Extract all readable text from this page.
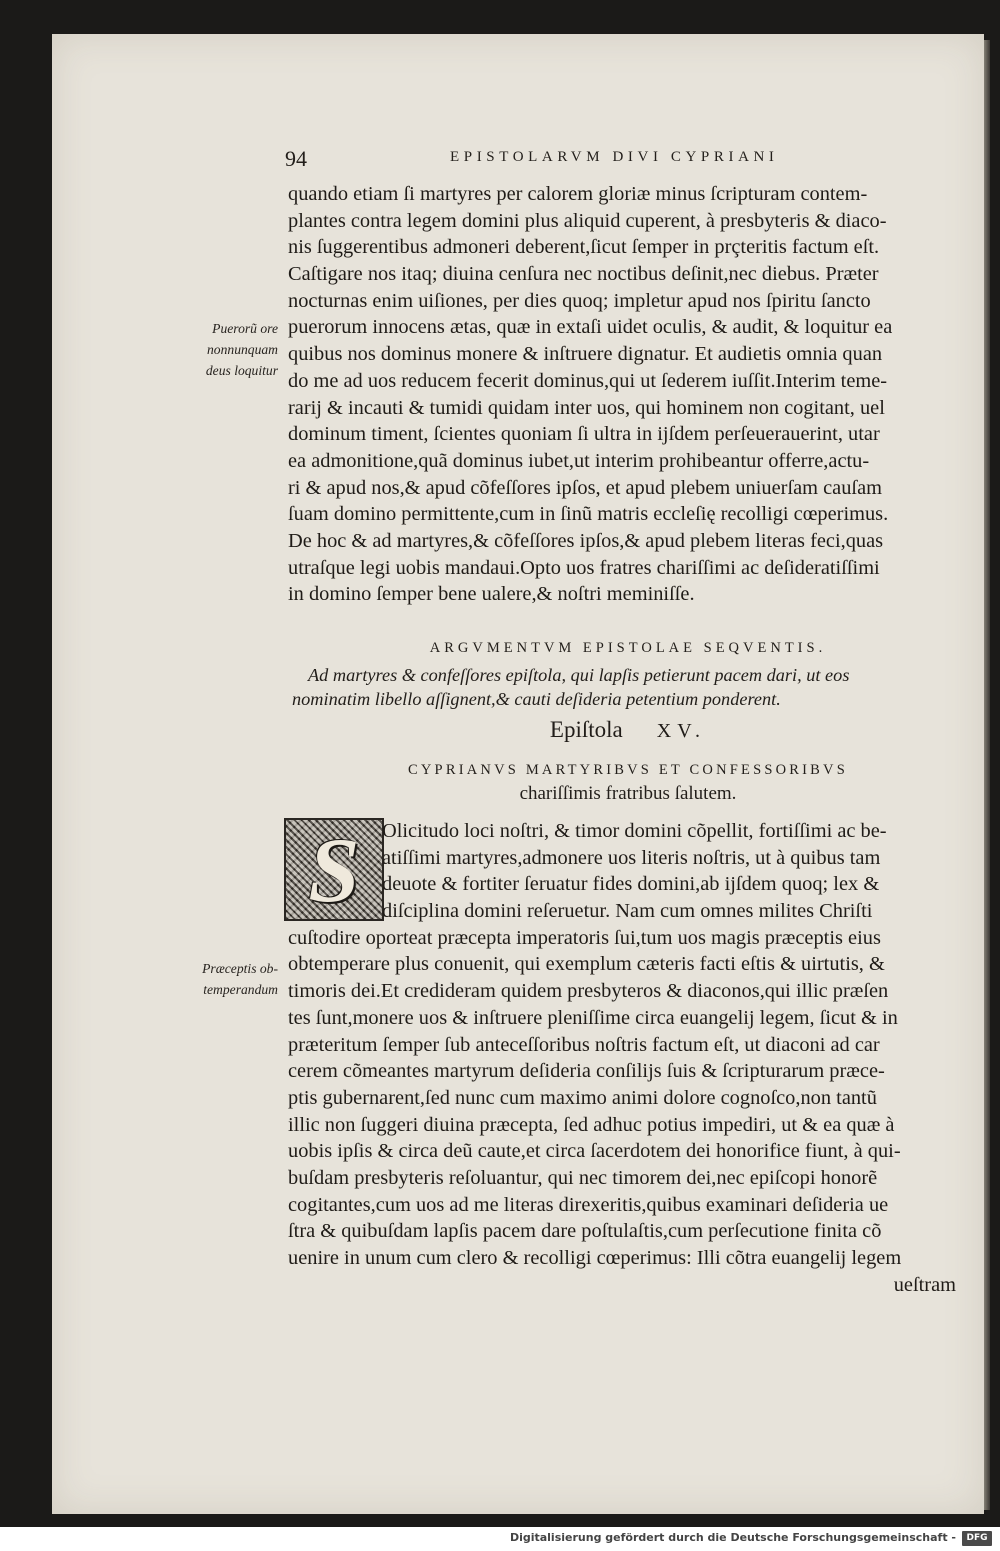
94	EPISTOLARVM DIVI CYPRIANI
quando etiam ſi martyres per calorem gloriæ minus ſcripturam contem-
plantes contra legem domini plus aliquid cuperent, à presbyteris & diaco-
nis ſuggerentibus admoneri deberent,ſicut ſemper in prçteritis factum eſt.
Caſtigare nos itaq; diuina cenſura nec noctibus deſinit,nec diebus. Præter
nocturnas enim uiſiones, per dies quoq; impletur apud nos ſpiritu ſancto
puerorum innocens ætas, quæ in extaſi uidet oculis, & audit, & loquitur ea
quibus nos dominus monere & inſtruere dignatur. Et audietis omnia quan
do me ad uos reducem fecerit dominus,qui ut ſederem iuſſit.Interim teme-
rarij & incauti & tumidi quidam inter uos, qui hominem non cogitant, uel
dominum timent, ſcientes quoniam ſi ultra in ijſdem perſeuerauerint, utar
ea admonitione,quã dominus iubet,ut interim prohibeantur offerre,actu-
ri & apud nos,& apud cõfeſſores ipſos, et apud plebem uniuerſam cauſam
ſuam domino permittente,cum in ſinũ matris eccleſię recolligi cœperimus.
De hoc & ad martyres,& cõfeſſores ipſos,& apud plebem literas feci,quas
utraſque legi uobis mandaui.Opto uos fratres chariſſimi ac deſideratiſſimi
in domino ſemper bene ualere,& noſtri meminiſſe.
Puerorũ ore
nonnunquam
deus loquitur
ARGVMENTVM EPISTOLAE SEQVENTIS.
Ad martyres & confeſſores epiſtola, qui lapſis petierunt pacem dari, ut eos
nominatim libello aſſignent,& cauti deſideria petentium ponderent.
Epiſtola XV.
CYPRIANVS MARTYRIBVS ET CONFESSORIBVS
chariſſimis fratribus ſalutem.
S	Olicitudo loci noſtri, & timor domini cõpellit, fortiſſimi ac be-
atiſſimi martyres,admonere uos literis noſtris, ut à quibus tam
deuote & fortiter ſeruatur fides domini,ab ijſdem quoq; lex &
diſciplina domini reſeruetur. Nam cum omnes milites Chriſti
cuſtodire oporteat præcepta imperatoris ſui,tum uos magis præceptis eius
obtemperare plus conuenit, qui exemplum cæteris facti eſtis & uirtutis, &
timoris dei.Et credideram quidem presbyteros & diaconos,qui illic præſen
tes ſunt,monere uos & inſtruere pleniſſime circa euangelij legem, ſicut & in
præteritum ſemper ſub anteceſſoribus noſtris factum eſt, ut diaconi ad car
cerem cõmeantes martyrum deſideria conſilijs ſuis & ſcripturarum præce-
ptis gubernarent,ſed nunc cum maximo animi dolore cognoſco,non tantũ
illic non ſuggeri diuina præcepta, ſed adhuc potius impediri, ut & ea quæ à
uobis ipſis & circa deũ caute,et circa ſacerdotem dei honorifice fiunt, à qui-
buſdam presbyteris reſoluantur, qui nec timorem dei,nec epiſcopi honorẽ
cogitantes,cum uos ad me literas direxeritis,quibus examinari deſideria ue
ſtra & quibuſdam lapſis pacem dare poſtulaſtis,cum perſecutione finita cõ
uenire in unum cum clero & recolligi cœperimus: Illi cõtra euangelij legem
ueſtram
Præceptis ob-
temperandum
Digitalisierung gefördert durch die Deutsche Forschungsgemeinschaft -	DFG
